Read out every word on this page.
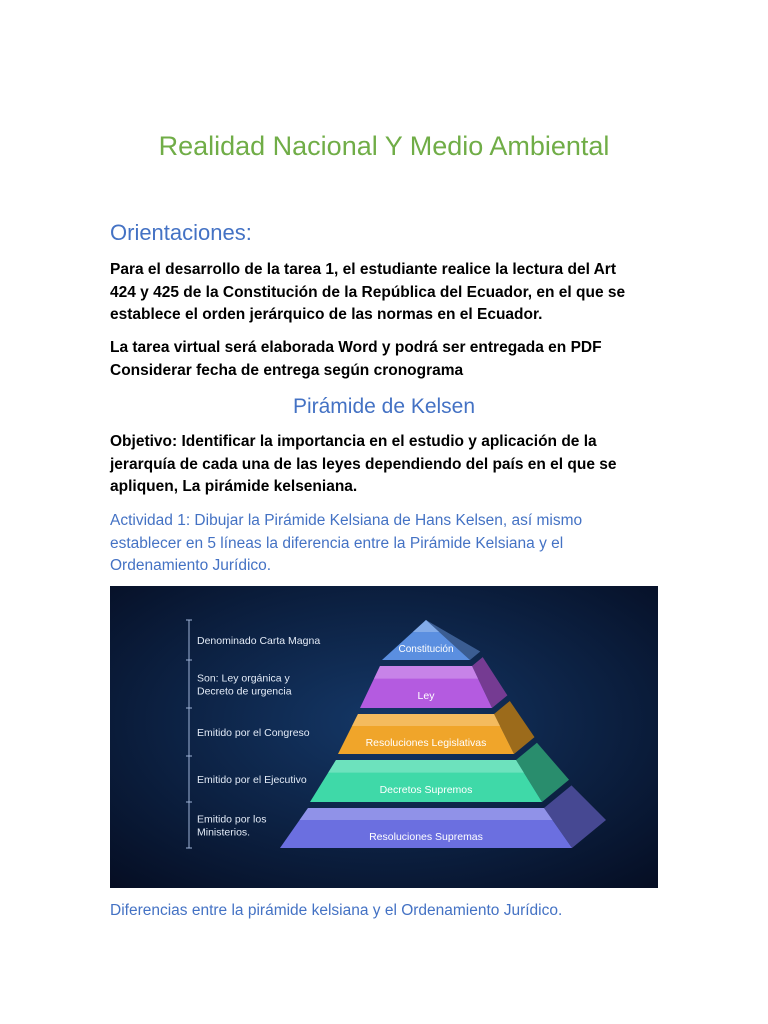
Realidad Nacional Y Medio Ambiental
Orientaciones:
Para el desarrollo de la tarea 1, el estudiante realice la lectura del Art
424 y 425 de la Constitución de la República del Ecuador, en el que se
establece el orden jerárquico de las normas en el Ecuador.
La tarea virtual será elaborada Word y podrá ser entregada en PDF
Considerar fecha de entrega según cronograma
Pirámide de Kelsen
Objetivo: Identificar la importancia en el estudio y aplicación de la
jerarquía de cada una de las leyes dependiendo del país en el que se
apliquen, La pirámide kelseniana.
Actividad 1: Dibujar la Pirámide Kelsiana de Hans Kelsen, así mismo
establecer en 5 líneas la diferencia entre la Pirámide Kelsiana y el
Ordenamiento Jurídico.
Constitución
Ley
Resoluciones Legislativas
Decretos Supremos
Resoluciones Supremas
Denominado Carta Magna
Son: Ley orgánica y
Decreto de urgencia
Emitido por el Congreso
Emitido por el Ejecutivo
Emitido por los
Ministerios.
Diferencias entre la pirámide kelsiana y el Ordenamiento Jurídico.
